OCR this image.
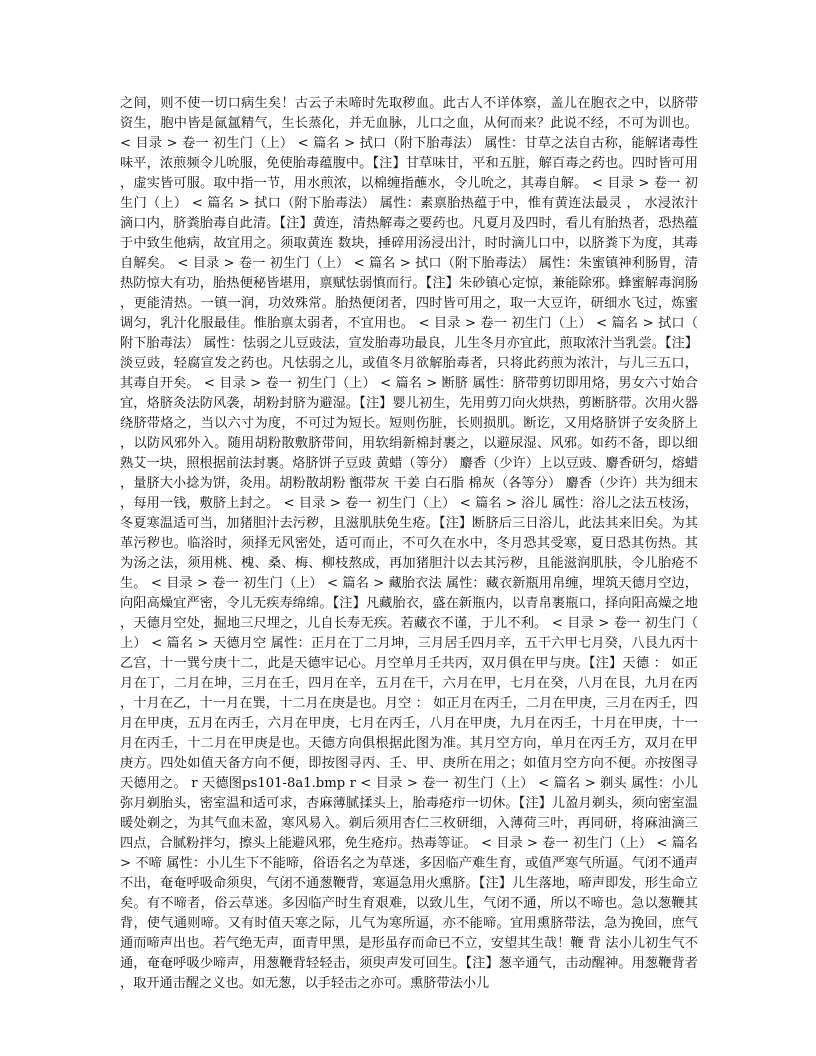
之间，则不使一切口病生矣！古云子未啼时先取秽血。此古人不详体察，盖儿在胞衣之中，以脐带资生，胞中皆是氤氲精气，生长蒸化，并无血脉，儿口之血，从何而来？此说不经，不可为训也。 < 目录 > 卷一 初生门（上） < 篇名 > 拭口（附下胎毒法） 属性：甘草之法自古称，能解诸毒性味平，浓煎频令儿吮服，免使胎毒蕴腹中。【注】甘草味甘，平和五脏，解百毒之药也。四时皆可用，虚实皆可服。取中指一节，用水煎浓，以棉缠指蘸水，令儿吮之，其毒自解。 < 目录 > 卷一 初生门（上） < 篇名 > 拭口（附下胎毒法） 属性：素禀胎热蕴于中，惟有黄连法最灵 ， 水浸浓汁滴口内，脐粪胎毒自此清。【注】黄连，清热解毒之要药也。凡夏月及四时，看儿有胎热者，恐热蕴于中致生他病，故宜用之。须取黄连 数块，捶碎用汤浸出汁，时时滴儿口中，以脐粪下为度，其毒自解矣。 < 目录 > 卷一 初生门（上） < 篇名 > 拭口（附下胎毒法） 属性：朱蜜镇神利肠胃，清热防惊大有功，胎热便秘皆堪用，禀赋怯弱慎而行。【注】朱砂镇心定惊，兼能除邪。蜂蜜解毒润肠，更能清热。一镇一润，功效殊常。胎热便闭者，四时皆可用之，取一大豆许，研细水飞过，炼蜜调匀，乳汁化服最佳。惟胎禀太弱者，不宜用也。 < 目录 > 卷一 初生门（上） < 篇名 > 拭口（附下胎毒法） 属性：怯弱之儿豆豉法，宣发胎毒功最良，儿生冬月亦宜此，煎取浓汁当乳尝。【注】淡豆豉，轻腐宣发之药也。凡怯弱之儿，或值冬月欲解胎毒者，只将此药煎为浓汁，与儿三五口，其毒自开矣。 < 目录 > 卷一 初生门（上） < 篇名 > 断脐 属性：脐带剪切即用烙，男女六寸始合宜，烙脐灸法防风袭，胡粉封脐为避湿。【注】婴儿初生，先用剪刀向火烘热，剪断脐带。次用火器绕脐带烙之，当以六寸为度，不可过为短长。短则伤脏，长则损肌。断讫，又用烙脐饼子安灸脐上，以防风邪外入。随用胡粉散敷脐带间，用软绢新棉封裹之，以避尿湿、风邪。如药不备，即以细熟艾一块，照根据前法封裹。烙脐饼子豆豉 黄蜡（等分） 麝香（少许）上以豆豉、麝香研匀，熔蜡，量脐大小捻为饼，灸用。胡粉散胡粉 甑带灰 干姜 白石脂 棉灰（各等分） 麝香（少许）共为细末，每用一钱，敷脐上封之。 < 目录 > 卷一 初生门（上） < 篇名 > 浴儿 属性：浴儿之法五枝汤，冬夏寒温适可当，加猪胆汁去污秽，且滋肌肤免生疮。【注】断脐后三日浴儿，此法其来旧矣。为其革污秽也。临浴时，须择无风密处，适可而止，不可久在水中，冬月恐其受寒，夏日恐其伤热。其为汤之法，须用桃、槐、桑、梅、柳枝熬成，再加猪胆汁以去其污秽，且能滋润肌肤，令儿胎疮不生。 < 目录 > 卷一 初生门（上） < 篇名 > 藏胎衣法 属性：藏衣新瓶用帛缠，埋筑天德月空边，向阳高燥宜严密，令儿无疾寿绵绵。【注】凡藏胎衣，盛在新瓶内，以青帛裹瓶口，择向阳高燥之地，天德月空处，掘地三尺埋之，儿自长寿无疾。若藏衣不谨，于儿不利。 < 目录 > 卷一 初生门（上） < 篇名 > 天德月空 属性：正月在丁二月坤，三月居壬四月辛，五干六甲七月癸，八艮九丙十乙宫，十一巽兮庚十二，此是天德牢记心。月空单月壬共丙，双月俱在甲与庚。【注】天德 ： 如正月在丁，二月在坤，三月在壬，四月在辛，五月在干，六月在甲，七月在癸，八月在艮，九月在丙，十月在乙，十一月在巽，十二月在庚是也。月空 ： 如正月在丙壬，二月在甲庚，三月在丙壬，四月在甲庚，五月在丙壬，六月在甲庚，七月在丙壬，八月在甲庚，九月在丙壬，十月在甲庚，十一月在丙壬，十二月在甲庚是也。天德方向俱根据此图为准。其月空方向，单月在丙壬方，双月在甲庚方。四处如值天备方向不便，即按图寻丙、壬、甲、庚所在用之；如值月空方向不便。亦按图寻天德用之。 r 天德图ps101-8a1.bmp r < 目录 > 卷一 初生门（上） < 篇名 > 剃头 属性：小儿弥月剃胎头，密室温和适可求，杏麻薄腻揉头上，胎毒疮疖一切休。【注】儿盈月剃头，须向密室温暖处剃之，为其气血未盈，寒风易入。剃后须用杏仁三枚研细，入薄荷三叶，再同研，将麻油滴三四点，合腻粉拌匀，擦头上能避风邪，免生疮疖。热毒等证。 < 目录 > 卷一 初生门（上） < 篇名 > 不啼 属性：小儿生下不能啼，俗语名之为草迷，多因临产难生育，或值严寒气所逼。气闭不通声不出，奄奄呼吸命须臾，气闭不通葱鞭背，寒逼急用火熏脐。【注】儿生落地，啼声即发，形生命立矣。有不啼者，俗云草迷。多因临产时生育艰难，以致儿生，气闭不通，所以不啼也。急以葱鞭其背，使气通则啼。又有时值天寒之际，儿气为寒所逼，亦不能啼。宜用熏脐带法，急为挽回，庶气通而啼声出也。若气绝无声，面青甲黑，是形虽存而命已不立，安望其生哉！鞭 背 法小儿初生气不通，奄奄呼吸少啼声，用葱鞭背轻轻击，须臾声发可回生。【注】葱辛通气，击动醒神。用葱鞭背者，取开通击醒之义也。如无葱，以手轻击之亦可。熏脐带法小儿
